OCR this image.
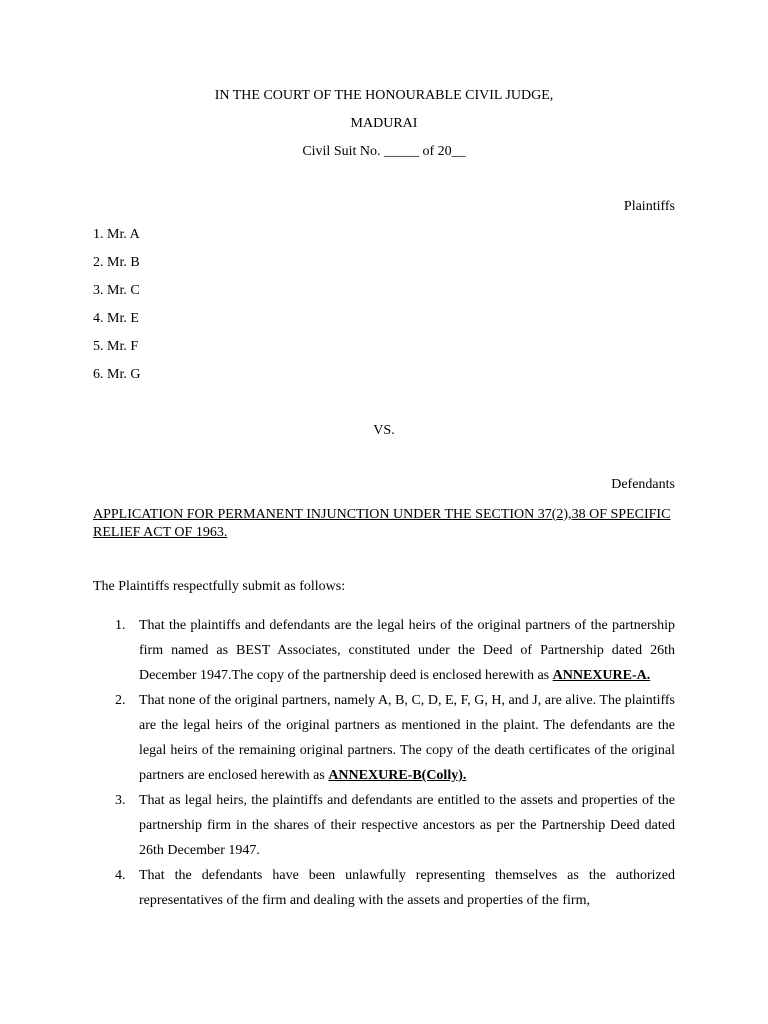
IN THE COURT OF THE HONOURABLE CIVIL JUDGE,
MADURAI
Civil Suit No. _____ of 20__
Plaintiffs
1. Mr. A
2. Mr. B
3. Mr. C
4. Mr. E
5. Mr. F
6. Mr. G
VS.
Defendants
APPLICATION FOR PERMANENT INJUNCTION UNDER THE SECTION 37(2),38 OF SPECIFIC RELIEF ACT OF 1963.
The Plaintiffs respectfully submit as follows:
1. That the plaintiffs and defendants are the legal heirs of the original partners of the partnership firm named as BEST Associates, constituted under the Deed of Partnership dated 26th December 1947.The copy of the partnership deed is enclosed herewith as ANNEXURE-A.
2. That none of the original partners, namely A, B, C, D, E, F, G, H, and J, are alive. The plaintiffs are the legal heirs of the original partners as mentioned in the plaint. The defendants are the legal heirs of the remaining original partners. The copy of the death certificates of the original partners are enclosed herewith as ANNEXURE-B(Colly).
3. That as legal heirs, the plaintiffs and defendants are entitled to the assets and properties of the partnership firm in the shares of their respective ancestors as per the Partnership Deed dated 26th December 1947.
4. That the defendants have been unlawfully representing themselves as the authorized representatives of the firm and dealing with the assets and properties of the firm,
